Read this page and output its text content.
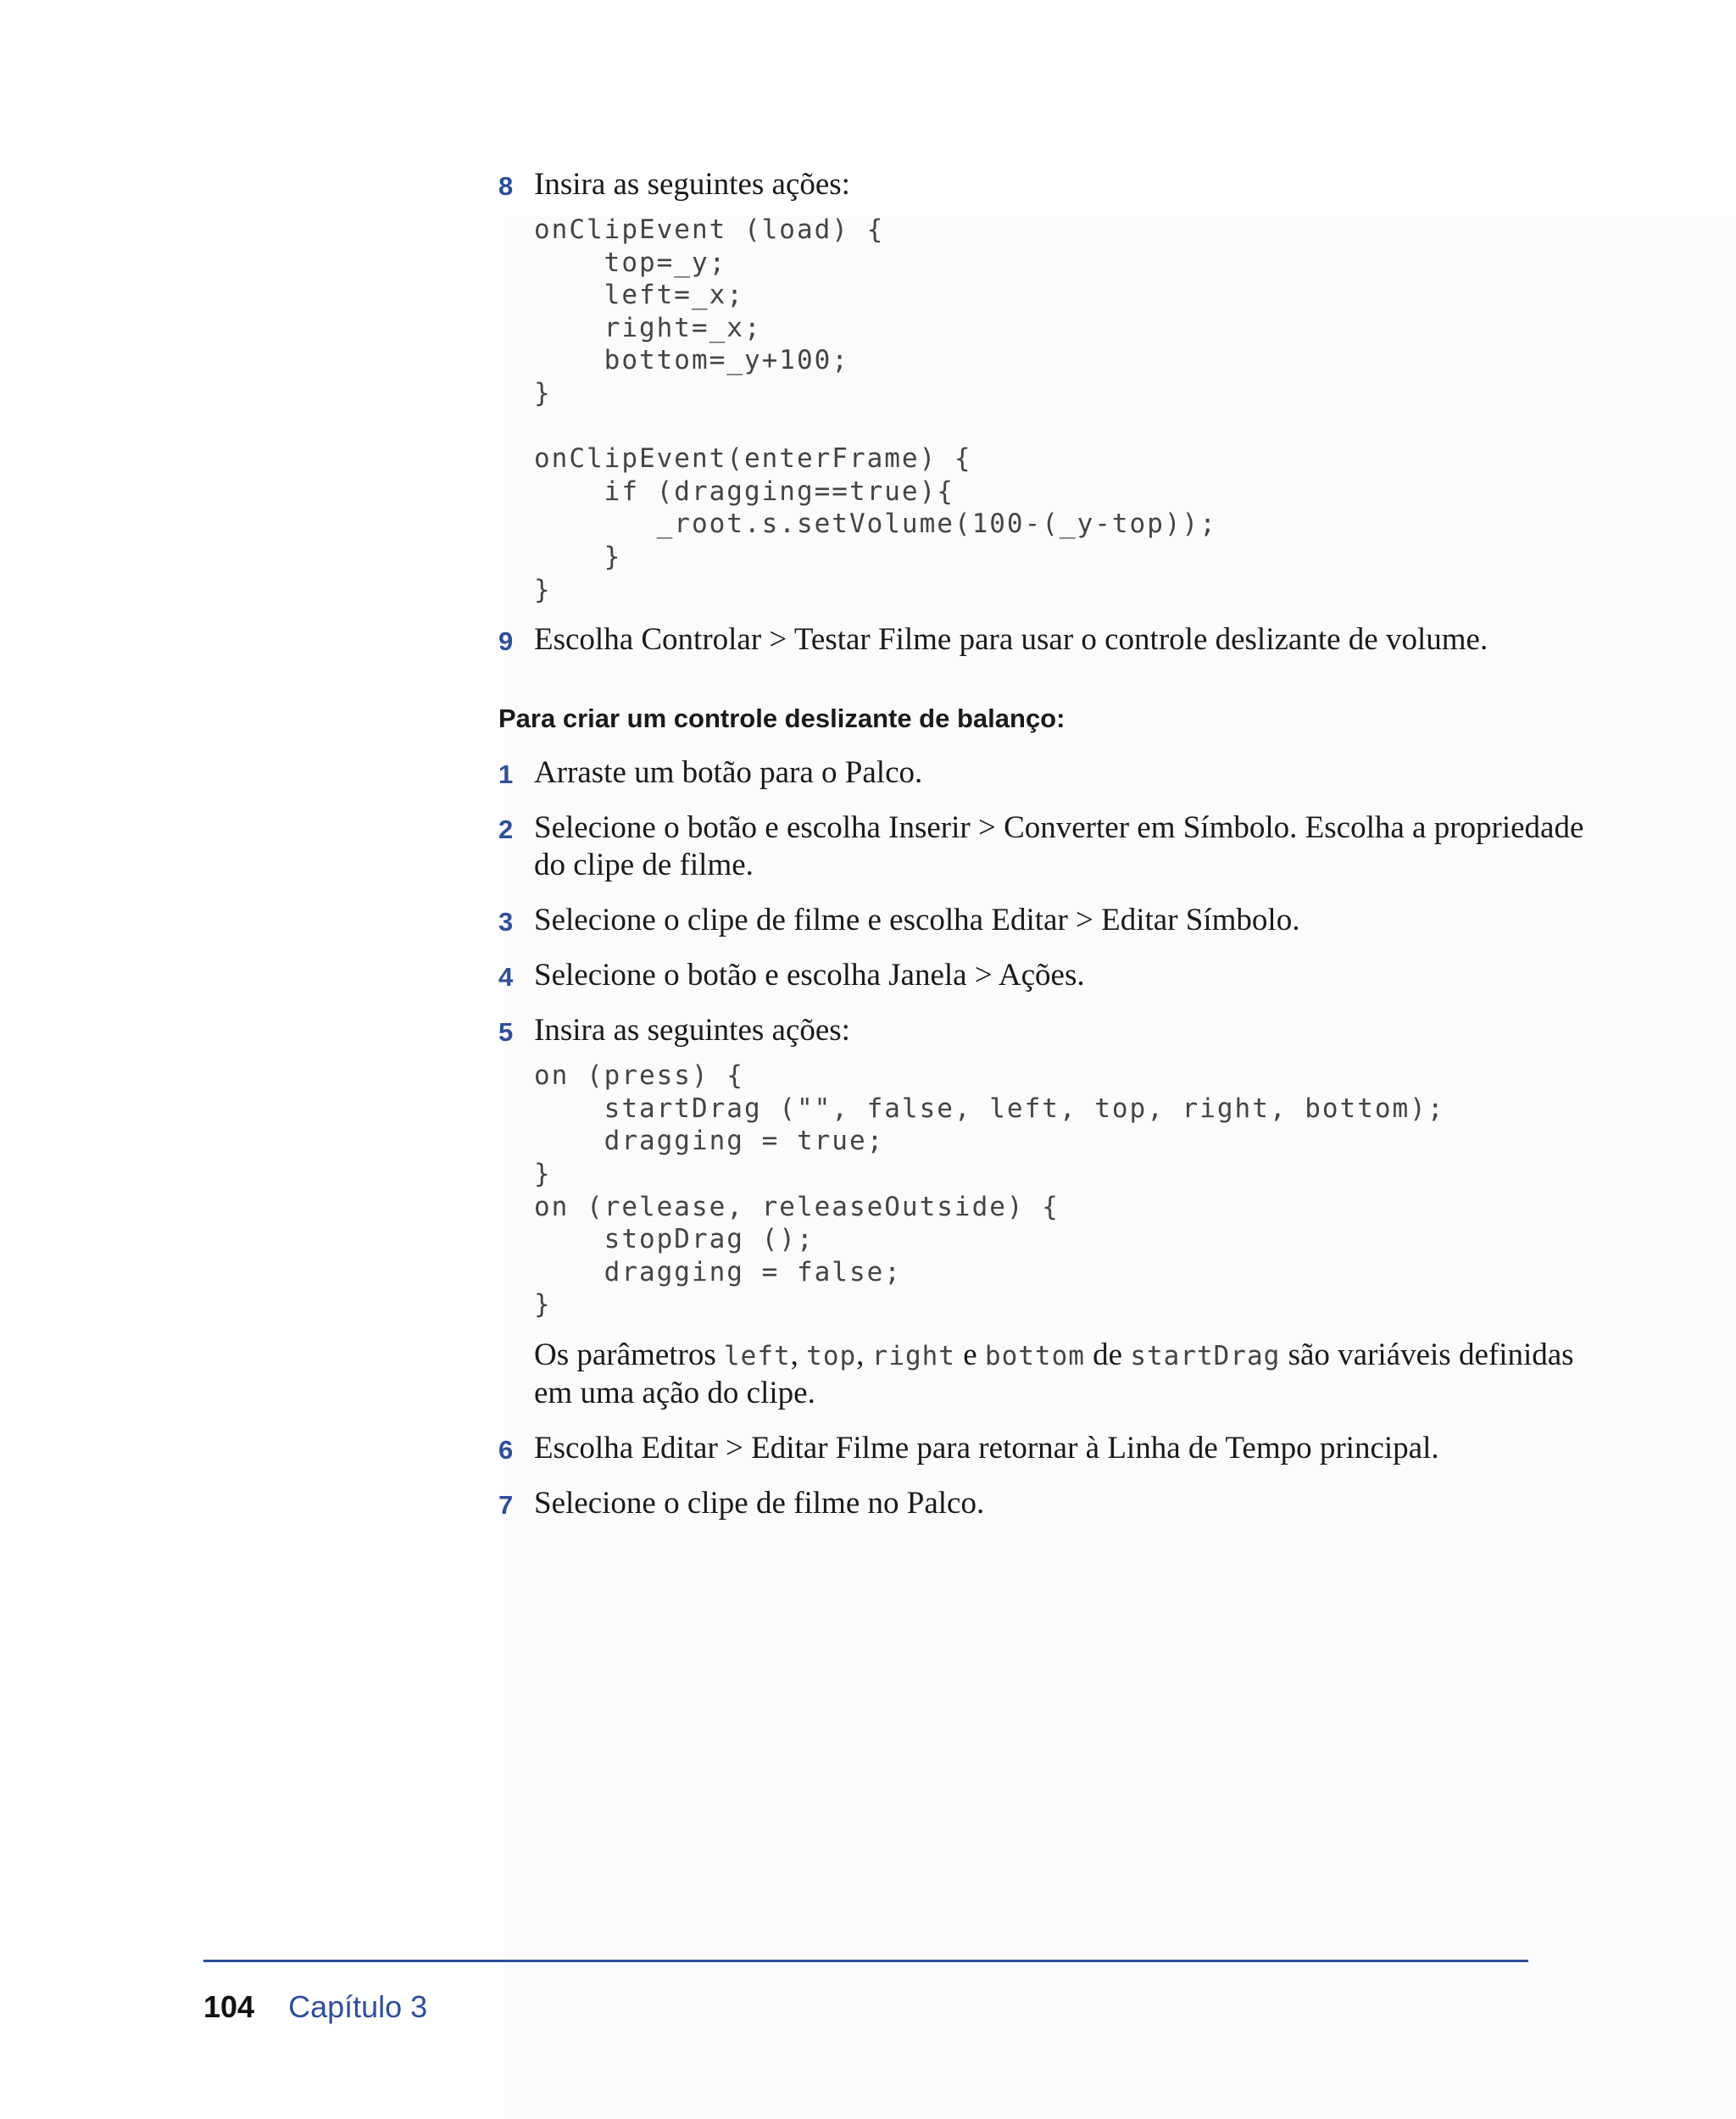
8 Insira as seguintes ações:
onClipEvent (load) {
top=_y;
left=_x;
right=_x;
bottom=_y+100;
}
onClipEvent(enterFrame) {
if (dragging==true){
_root.s.setVolume(100-(_y-top));
}
}
9 Escolha Controlar > Testar Filme para usar o controle deslizante de volume.
Para criar um controle deslizante de balanço:
1 Arraste um botão para o Palco.
2 Selecione o botão e escolha Inserir > Converter em Símbolo. Escolha a propriedade do clipe de filme.
3 Selecione o clipe de filme e escolha Editar > Editar Símbolo.
4 Selecione o botão e escolha Janela > Ações.
5 Insira as seguintes ações:
on (press) {
startDrag ("", false, left, top, right, bottom);
dragging = true;
}
on (release, releaseOutside) {
stopDrag ();
dragging = false;
}
Os parâmetros left, top, right e bottom de startDrag são variáveis definidas em uma ação do clipe.
6 Escolha Editar > Editar Filme para retornar à Linha de Tempo principal.
7 Selecione o clipe de filme no Palco.
104 Capítulo 3
